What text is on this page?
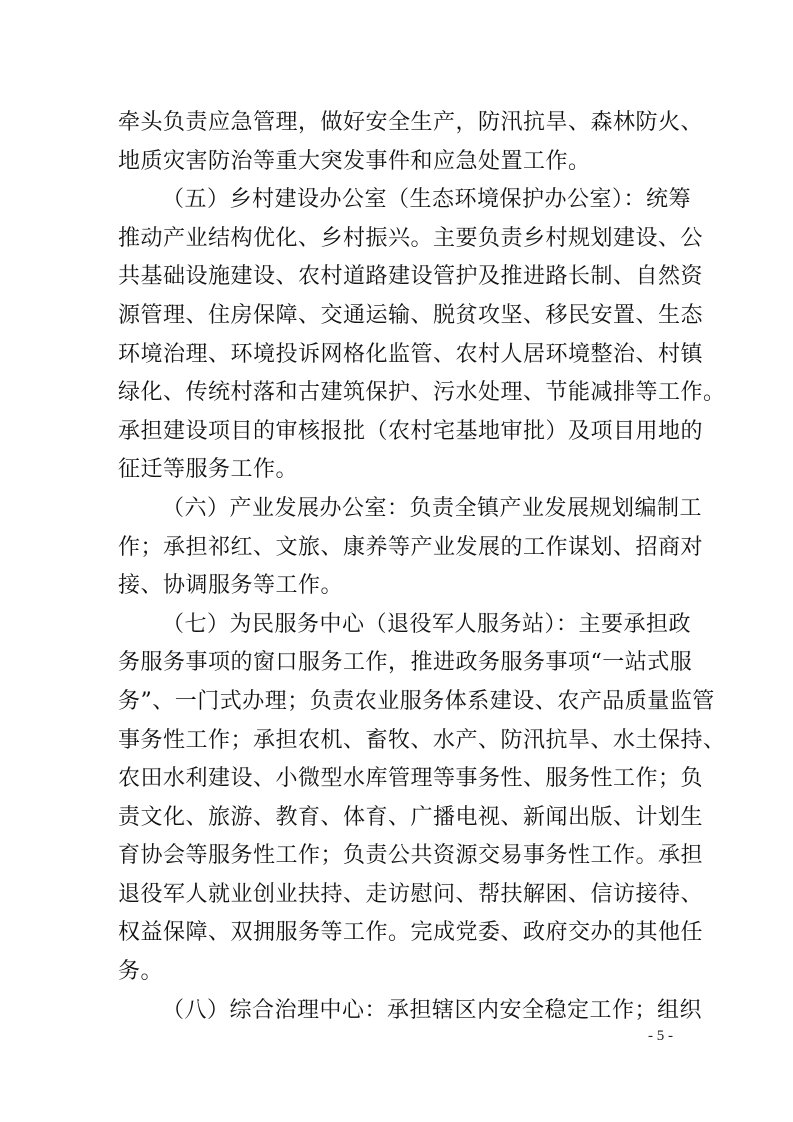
牵头负责应急管理，做好安全生产，防汛抗旱、森林防火、
地质灾害防治等重大突发事件和应急处置工作。
（五）乡村建设办公室（生态环境保护办公室）：统筹
推动产业结构优化、乡村振兴。主要负责乡村规划建设、公
共基础设施建设、农村道路建设管护及推进路长制、自然资
源管理、住房保障、交通运输、脱贫攻坚、移民安置、生态
环境治理、环境投诉网格化监管、农村人居环境整治、村镇
绿化、传统村落和古建筑保护、污水处理、节能减排等工作。
承担建设项目的审核报批（农村宅基地审批）及项目用地的
征迁等服务工作。
（六）产业发展办公室：负责全镇产业发展规划编制工
作；承担祁红、文旅、康养等产业发展的工作谋划、招商对
接、协调服务等工作。
（七）为民服务中心（退役军人服务站）：主要承担政
务服务事项的窗口服务工作，推进政务服务事项“一站式服
务”、一门式办理；负责农业服务体系建设、农产品质量监管
事务性工作；承担农机、畜牧、水产、防汛抗旱、水土保持、
农田水利建设、小微型水库管理等事务性、服务性工作；负
责文化、旅游、教育、体育、广播电视、新闻出版、计划生
育协会等服务性工作；负责公共资源交易事务性工作。承担
退役军人就业创业扶持、走访慰问、帮扶解困、信访接待、
权益保障、双拥服务等工作。完成党委、政府交办的其他任
务。
（八）综合治理中心：承担辖区内安全稳定工作；组织
- 5 -
